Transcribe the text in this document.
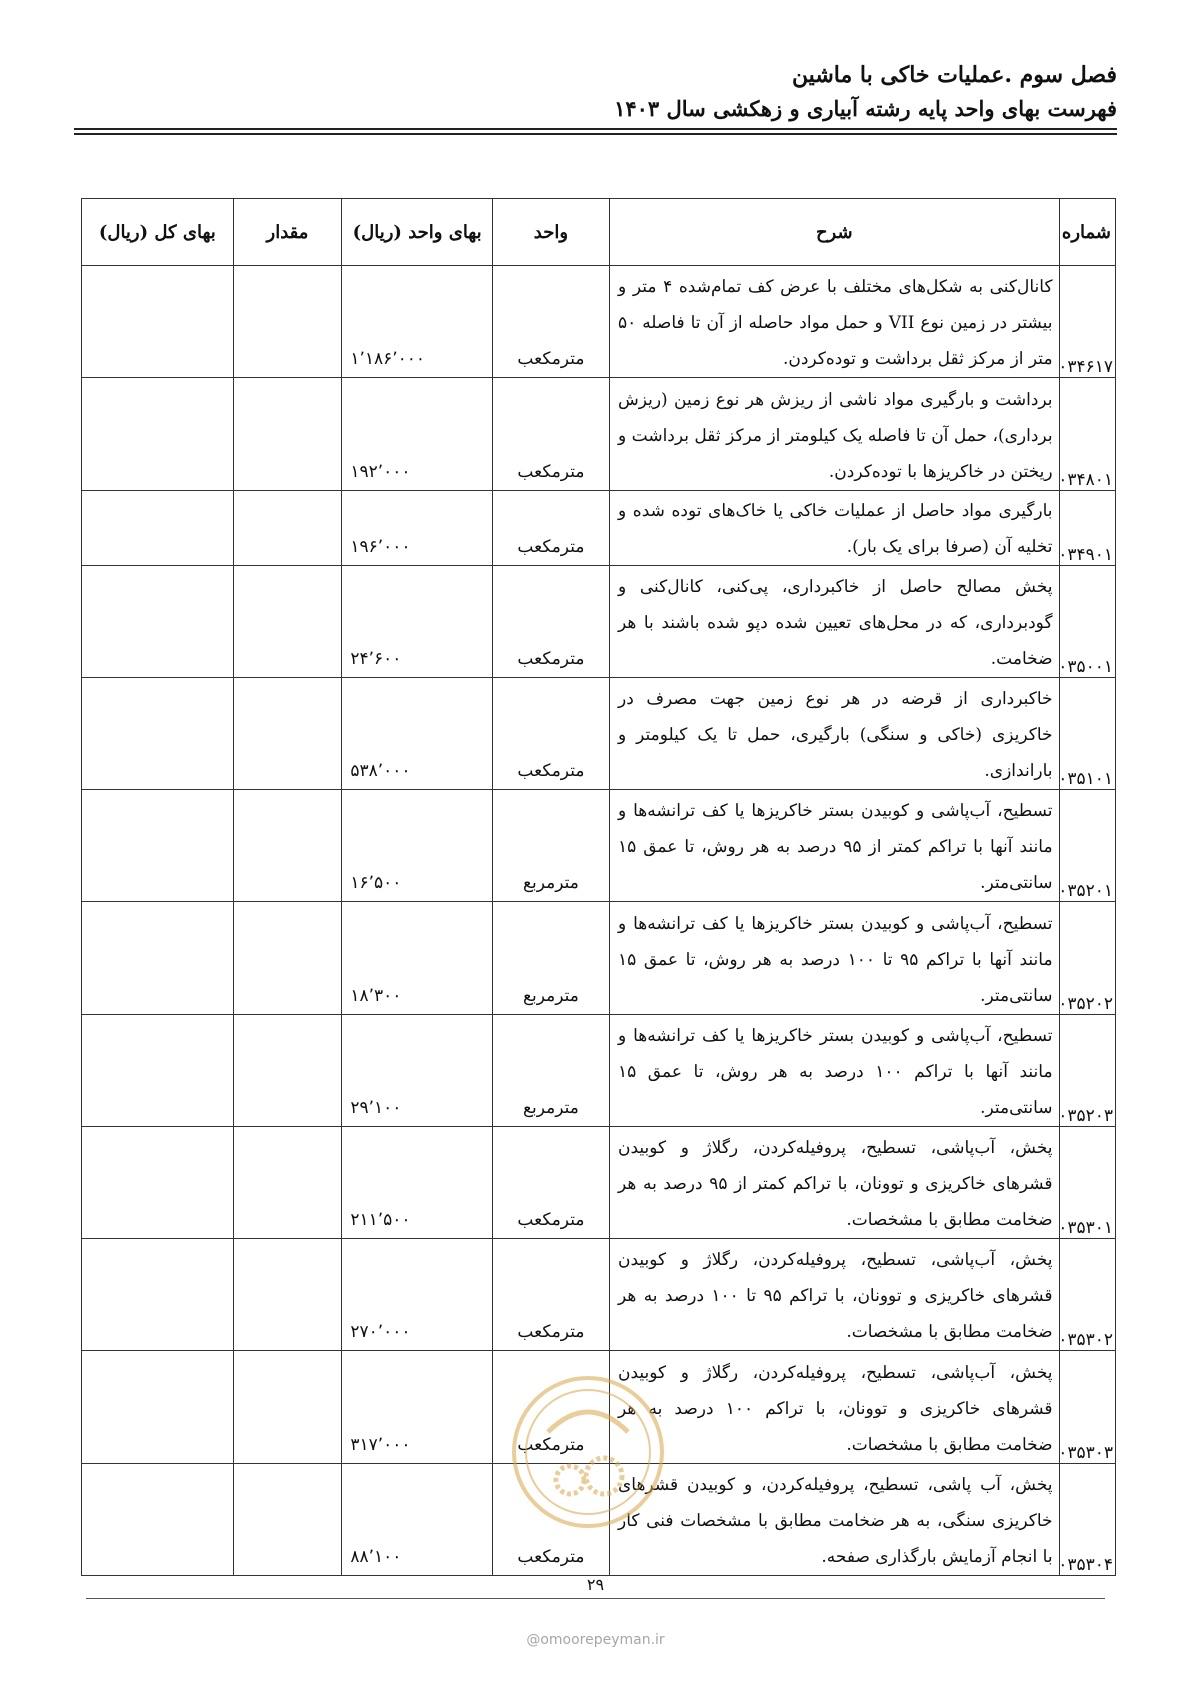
فصل سوم .عملیات خاکی با ماشین
فهرست بهای واحد پایه رشته آبیاری و زهکشی سال ۱۴۰۳
شماره	شرح	واحد	بهای واحد (ریال)	مقدار	بهای کل (ریال)
۰۳۴۶۱۷	کانال‌کنی به شکل‌های مختلف با عرض کف تمام‌شده ۴ متر و بیشتر در زمین نوع VII و حمل مواد حاصله از آن تا فاصله ۵۰ متر از مرکز ثقل برداشت و توده‌کردن.	مترمکعب	۱٬۱۸۶٬۰۰۰		
۰۳۴۸۰۱	برداشت و بارگیری مواد ناشی از ریزش هر نوع زمین (ریزش برداری)، حمل آن تا فاصله یک کیلومتر از مرکز ثقل برداشت و ریختن در خاکریزها با توده‌کردن.	مترمکعب	۱۹۲٬۰۰۰		
۰۳۴۹۰۱	بارگیری مواد حاصل از عملیات خاکی یا خاک‌های توده شده و تخلیه آن (صرفا برای یک بار).	مترمکعب	۱۹۶٬۰۰۰		
۰۳۵۰۰۱	پخش مصالح حاصل از خاکبرداری، پی‌کنی، کانال‌کنی و گودبرداری، که در محل‌های تعیین شده دپو شده باشند با هر ضخامت.	مترمکعب	۲۴٬۶۰۰		
۰۳۵۱۰۱	خاکبرداری از قرضه در هر نوع زمین جهت مصرف در خاکریزی (خاکی و سنگی) بارگیری، حمل تا یک کیلومتر و باراندازی.	مترمکعب	۵۳۸٬۰۰۰		
۰۳۵۲۰۱	تسطیح، آب‌پاشی و کوبیدن بستر خاکریزها یا کف ترانشه‌ها و مانند آنها با تراکم کمتر از ۹۵ درصد به هر روش، تا عمق ۱۵ سانتی‌متر.	مترمربع	۱۶٬۵۰۰		
۰۳۵۲۰۲	تسطیح، آب‌پاشی و کوبیدن بستر خاکریزها یا کف ترانشه‌ها و مانند آنها با تراکم ۹۵ تا ۱۰۰ درصد به هر روش، تا عمق ۱۵ سانتی‌متر.	مترمربع	۱۸٬۳۰۰		
۰۳۵۲۰۳	تسطیح، آب‌پاشی و کوبیدن بستر خاکریزها یا کف ترانشه‌ها و مانند آنها با تراکم ۱۰۰ درصد به هر روش، تا عمق ۱۵ سانتی‌متر.	مترمربع	۲۹٬۱۰۰		
۰۳۵۳۰۱	پخش، آب‌پاشی، تسطیح، پروفیله‌کردن، رگلاژ و کوبیدن قشرهای خاکریزی و توونان، با تراکم کمتر از ۹۵ درصد به هر ضخامت مطابق با مشخصات.	مترمکعب	۲۱۱٬۵۰۰		
۰۳۵۳۰۲	پخش، آب‌پاشی، تسطیح، پروفیله‌کردن، رگلاژ و کوبیدن قشرهای خاکریزی و توونان، با تراکم ۹۵ تا ۱۰۰ درصد به هر ضخامت مطابق با مشخصات.	مترمکعب	۲۷۰٬۰۰۰		
۰۳۵۳۰۳	پخش، آب‌پاشی، تسطیح، پروفیله‌کردن، رگلاژ و کوبیدن قشرهای خاکریزی و توونان، با تراکم ۱۰۰ درصد به هر ضخامت مطابق با مشخصات.	مترمکعب	۳۱۷٬۰۰۰		
۰۳۵۳۰۴	پخش، آب پاشی، تسطیح، پروفیله‌کردن، و کوبیدن قشرهای خاکریزی سنگی، به هر ضخامت مطابق با مشخصات فنی کار با انجام آزمایش بارگذاری صفحه.	مترمکعب	۸۸٬۱۰۰		
۲۹
@omoorepeyman.ir
